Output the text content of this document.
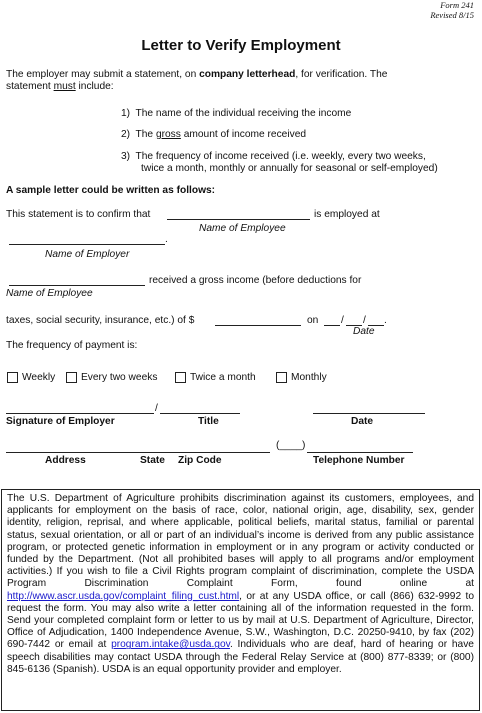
Form 241
Revised 8/15
Letter to Verify Employment
The employer may submit a statement, on company letterhead, for verification. The
statement must include:
1) The name of the individual receiving the income
2) The gross amount of income received
3) The frequency of income received (i.e. weekly, every two weeks,
twice a month, monthly or annually for seasonal or self-employed)
A sample letter could be written as follows:
This statement is to confirm that	is employed at
Name of Employee
.
Name of Employer
received a gross income (before deductions for
Name of Employee
taxes, social security, insurance, etc.) of $	on / / .
Date
The frequency of payment is:
Weekly	Every two weeks	Twice a month	Monthly
/
Signature of Employer	Title	Date
(____)
Address	State Zip Code	Telephone Number
The U.S. Department of Agriculture prohibits discrimination against its customers, employees, and applicants for employment on the basis of race, color, national origin, age, disability, sex, gender identity, religion, reprisal, and where applicable, political beliefs, marital status, familial or parental status, sexual orientation, or all or part of an individual’s income is derived from any public assistance program, or protected genetic information in employment or in any program or activity conducted or funded by the Department. (Not all prohibited bases will apply to all programs and/or employment activities.) If you wish to file a Civil Rights program complaint of discrimination, complete the USDA Program Discrimination Complaint Form, found online at http://www.ascr.usda.gov/complaint_filing_cust.html, or at any USDA office, or call (866) 632-9992 to request the form. You may also write a letter containing all of the information requested in the form. Send your completed complaint form or letter to us by mail at U.S. Department of Agriculture, Director, Office of Adjudication, 1400 Independence Avenue, S.W., Washington, D.C. 20250-9410, by fax (202) 690-7442 or email at program.intake@usda.gov. Individuals who are deaf, hard of hearing or have speech disabilities may contact USDA through the Federal Relay Service at (800) 877-8339; or (800) 845-6136 (Spanish). USDA is an equal opportunity provider and employer.
